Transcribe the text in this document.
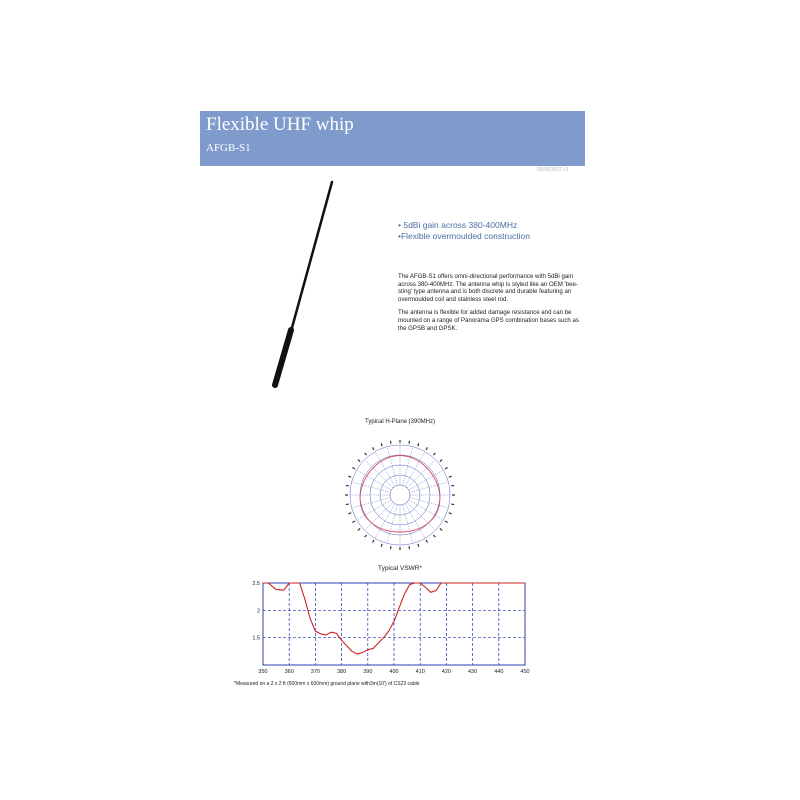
Flexible UHF whip
AFGB-S1
05/06/2012 v1
• 5dBi gain across 380-400MHz
•Flexible overmoulded construction

The AFGB-S1 offers omni-directional performance with 5dBi gain across 380-400MHz. The antenna whip is styled like an OEM 'bee-sting' type antenna and is both discrete and durable featuring an overmoulded coil and stainless steel rod.

The antenna is flexible for added damage resistance and can be mounted on a range of Panorama GPS combination bases such as the GPSB and GPSK.

Typical H-Plane (390MHz)
Typical VSWR*
350	360	370	380	390	400	410	420	430	440	450
2.5
2
1.5
*Measured on a 2 x 2 ft (600mm x 600mm) ground plane with3m(10') of CS23 cable
